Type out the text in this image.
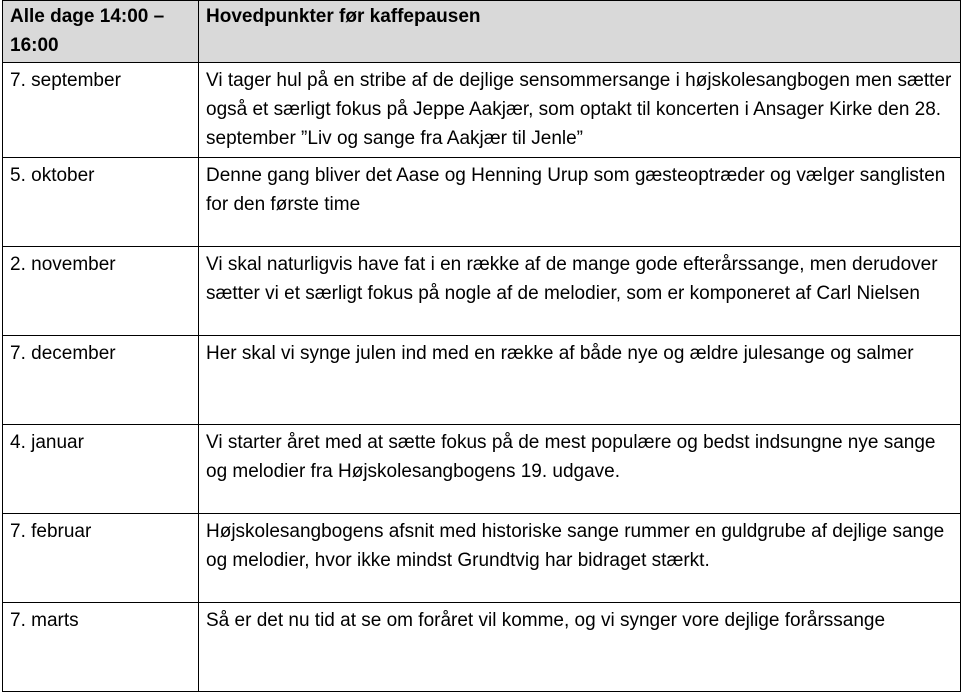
Alle dage 14:00 – 16:00	Hovedpunkter før kaffepausen
7. september	Vi tager hul på en stribe af de dejlige sensommersange i højskolesangbogen men sætter også et særligt fokus på Jeppe Aakjær, som optakt til koncerten i Ansager Kirke den 28. september ”Liv og sange fra Aakjær til Jenle”
5. oktober	Denne gang bliver det Aase og Henning Urup som gæsteoptræder og vælger sanglisten for den første time
2. november	Vi skal naturligvis have fat i en række af de mange gode efterårssange, men derudover sætter vi et særligt fokus på nogle af de melodier, som er komponeret af Carl Nielsen
7. december	Her skal vi synge julen ind med en række af både nye og ældre julesange og salmer
4. januar	Vi starter året med at sætte fokus på de mest populære og bedst indsungne nye sange og melodier fra Højskolesangbogens 19. udgave.
7. februar	Højskolesangbogens afsnit med historiske sange rummer en guldgrube af dejlige sange og melodier, hvor ikke mindst Grundtvig har bidraget stærkt.
7. marts	Så er det nu tid at se om foråret vil komme, og vi synger vore dejlige forårssange
